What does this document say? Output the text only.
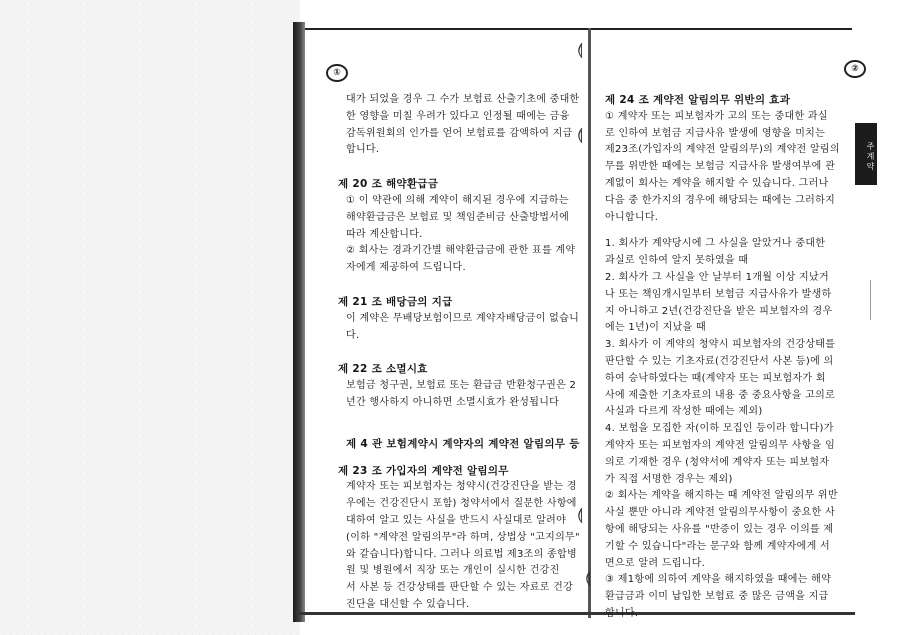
⟬
⟬
⟬
⟬
①	②
주계약

대가 되었을 경우 그 수가 보험료 산출기초에 중대한

한 영향을 미칠 우려가 있다고 인정될 때에는 금융

감독위원회의 인가를 얻어 보험료를 감액하여 지급

합니다.

제 20 조 해약환급금

① 이 약관에 의해 계약이 해지된 경우에 지급하는

해약환급금은 보험료 및 책임준비금 산출방법서에

따라 계산합니다.

② 회사는 경과기간별 해약환급금에 관한 표를 계약

자에게 제공하여 드립니다.

제 21 조 배당금의 지급

이 계약은 무배당보험이므로 계약자배당금이 없습니

다.

제 22 조 소멸시효

보험금 청구권, 보험료 또는 환급금 반환청구권은 2

년간 행사하지 아니하면 소멸시효가 완성됩니다

제 4 관 보험계약시 계약자의 계약전 알림의무 등

제 23 조 가입자의 계약전 알림의무

계약자 또는 피보험자는 청약시(건강진단을 받는 경

우에는 건강진단시 포함) 청약서에서 질문한 사항에

대하여 알고 있는 사실을 반드시 사실대로 알려야

(이하 "계약전 알림의무"라 하며, 상법상 "고지의무"

와 같습니다)합니다. 그러나 의료법 제3조의 종합병

원 및 병원에서 직장 또는 개인이 실시한 건강진

서 사본 등 건강상태를 판단할 수 있는 자료로 건강

진단을 대신할 수 있습니다.

제 24 조 계약전 알림의무 위반의 효과

① 계약자 또는 피보험자가 고의 또는 중대한 과실

로 인하여 보험금 지급사유 발생에 영향을 미치는

제23조(가입자의 계약전 알림의무)의 계약전 알림의

무를 위반한 때에는 보험금 지급사유 발생여부에 관

계없이 회사는 계약을 해지할 수 있습니다. 그러나

다음 중 한가지의 경우에 해당되는 때에는 그러하지

아니합니다.

1. 회사가 계약당시에 그 사실을 알았거나 중대한

과실로 인하여 알지 못하였을 때

2. 회사가 그 사실을 안 날부터 1개월 이상 지났거

나 또는 책임개시일부터 보험금 지급사유가 발생하

지 아니하고 2년(건강진단을 받은 피보험자의 경우

에는 1년)이 지났을 때

3. 회사가 이 계약의 청약시 피보험자의 건강상태를

판단할 수 있는 기초자료(건강진단서 사본 등)에 의

하여 승낙하였다는 때(계약자 또는 피보험자가 회

사에 제출한 기초자료의 내용 중 중요사항을 고의로

사실과 다르게 작성한 때에는 제외)

4. 보험을 모집한 자(이하 모집인 등이라 합니다)가

계약자 또는 피보험자의 계약전 알림의무 사항을 임

의로 기재한 경우 (청약서에 계약자 또는 피보험자

가 직접 서명한 경우는 제외)

② 회사는 계약을 해지하는 때 계약전 알림의무 위반

사실 뿐만 아니라 계약전 알림의무사항이 중요한 사

항에 해당되는 사유를 "반증이 있는 경우 이의를 제

기할 수 있습니다"라는 문구와 함께 계약자에게 서

면으로 알려 드립니다.

③ 제1항에 의하여 계약을 해지하였을 때에는 해약

환급금과 이미 납입한 보험료 중 많은 금액을 지급

합니다.
